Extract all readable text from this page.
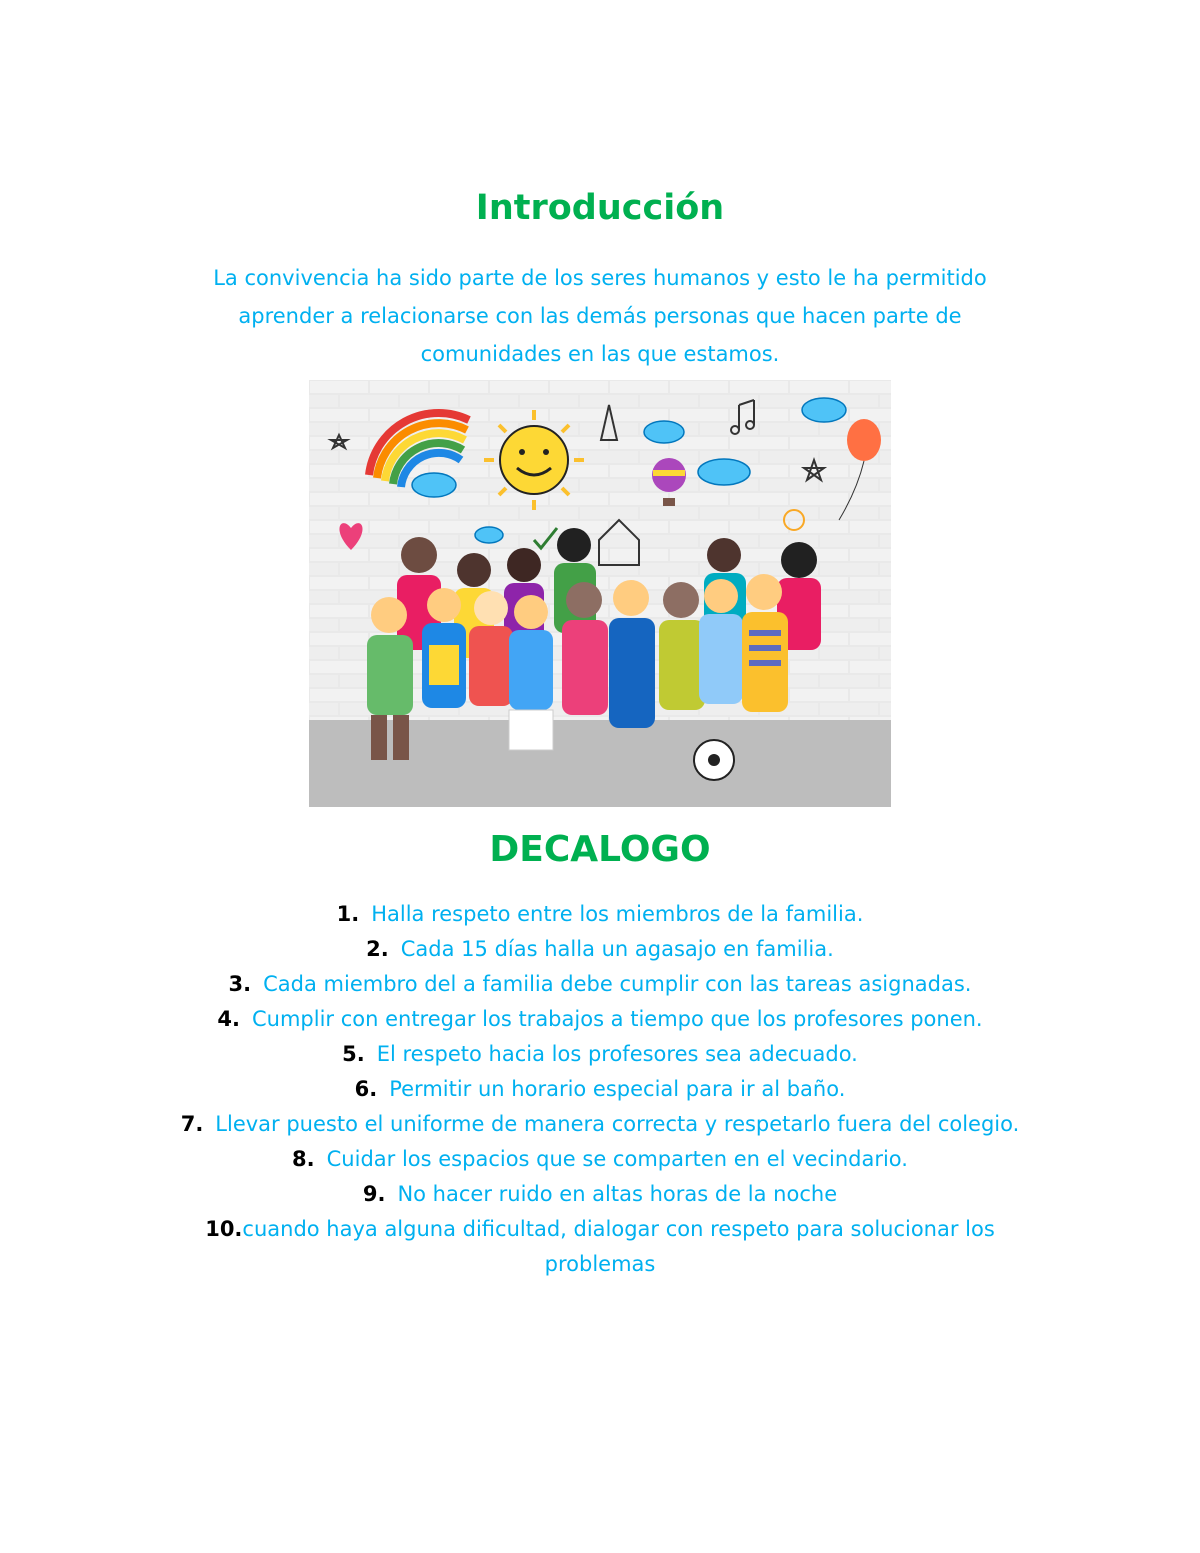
Introducción

La convivencia ha sido parte de los seres humanos y esto le ha permitido aprender a relacionarse con las demás personas que hacen parte de comunidades en las que estamos.

DECALOGO
1. Halla respeto entre los miembros de la familia.
2. Cada 15 días halla un agasajo en familia.
3. Cada miembro del a familia debe cumplir con las tareas asignadas.
4. Cumplir con entregar los trabajos a tiempo que los profesores ponen.
5. El respeto hacia los profesores sea adecuado.
6. Permitir un horario especial para ir al baño.
7. Llevar puesto el uniforme de manera correcta y respetarlo fuera del colegio.
8. Cuidar los espacios que se comparten en el vecindario.
9. No hacer ruido en altas horas de la noche
10.cuando haya alguna dificultad, dialogar con respeto para solucionar los problemas
